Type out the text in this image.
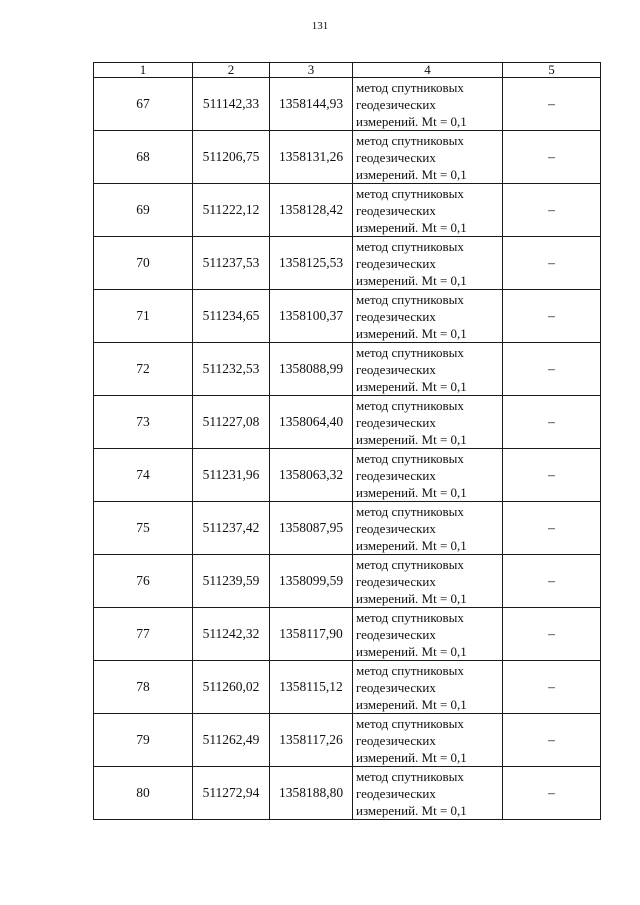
131
1	2	3	4	5
67	511142,33	1358144,93	метод спутниковых
геодезических
измерений. Mt = 0,1	–
68	511206,75	1358131,26	метод спутниковых
геодезических
измерений. Mt = 0,1	–
69	511222,12	1358128,42	метод спутниковых
геодезических
измерений. Mt = 0,1	–
70	511237,53	1358125,53	метод спутниковых
геодезических
измерений. Mt = 0,1	–
71	511234,65	1358100,37	метод спутниковых
геодезических
измерений. Mt = 0,1	–
72	511232,53	1358088,99	метод спутниковых
геодезических
измерений. Mt = 0,1	–
73	511227,08	1358064,40	метод спутниковых
геодезических
измерений. Mt = 0,1	–
74	511231,96	1358063,32	метод спутниковых
геодезических
измерений. Mt = 0,1	–
75	511237,42	1358087,95	метод спутниковых
геодезических
измерений. Mt = 0,1	–
76	511239,59	1358099,59	метод спутниковых
геодезических
измерений. Mt = 0,1	–
77	511242,32	1358117,90	метод спутниковых
геодезических
измерений. Mt = 0,1	–
78	511260,02	1358115,12	метод спутниковых
геодезических
измерений. Mt = 0,1	–
79	511262,49	1358117,26	метод спутниковых
геодезических
измерений. Mt = 0,1	–
80	511272,94	1358188,80	метод спутниковых
геодезических
измерений. Mt = 0,1	–
